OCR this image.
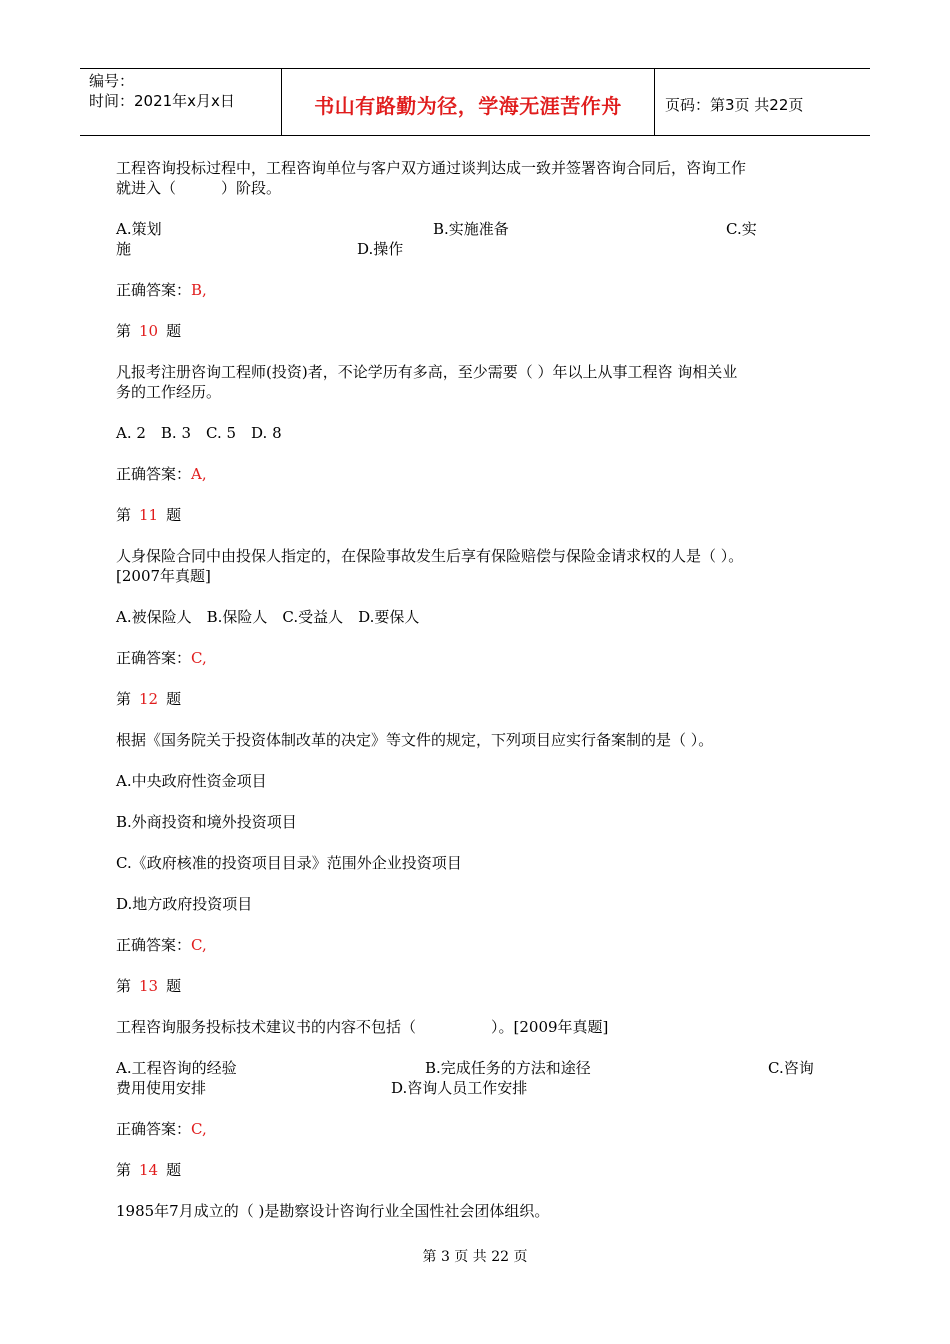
编号：
时间：2021年x月x日	书山有路勤为径，学海无涯苦作舟	页码：第3页 共22页
工程咨询投标过程中，工程咨询单位与客户双方通过谈判达成一致并签署咨询合同后，咨询工作
就进入（　　　）阶段。
A.策划	B.实施准备	C.实
施	D.操作
正确答案：B,
第 10 题
凡报考注册咨询工程师(投资)者，不论学历有多高，至少需要（ ）年以上从事工程咨 询相关业
务的工作经历。
A. 2　B. 3　C. 5　D. 8
正确答案：A,
第 11 题
人身保险合同中由投保人指定的，在保险事故发生后享有保险赔偿与保险金请求权的人是（ ）。
[2007年真题]
A.被保险人　B.保险人　C.受益人　D.要保人
正确答案：C,
第 12 题
根据《国务院关于投资体制改革的决定》等文件的规定，下列项目应实行备案制的是（ ）。
A.中央政府性资金项目
B.外商投资和境外投资项目
C.《政府核准的投资项目目录》范围外企业投资项目
D.地方政府投资项目
正确答案：C,
第 13 题
工程咨询服务投标技术建议书的内容不包括（　　　　　）。[2009年真题]
A.工程咨询的经验	B.完成任务的方法和途径	C.咨询
费用使用安排	D.咨询人员工作安排
正确答案：C,
第 14 题
1985年7月成立的（ )是勘察设计咨询行业全国性社会团体组织。
第 3 页 共 22 页
